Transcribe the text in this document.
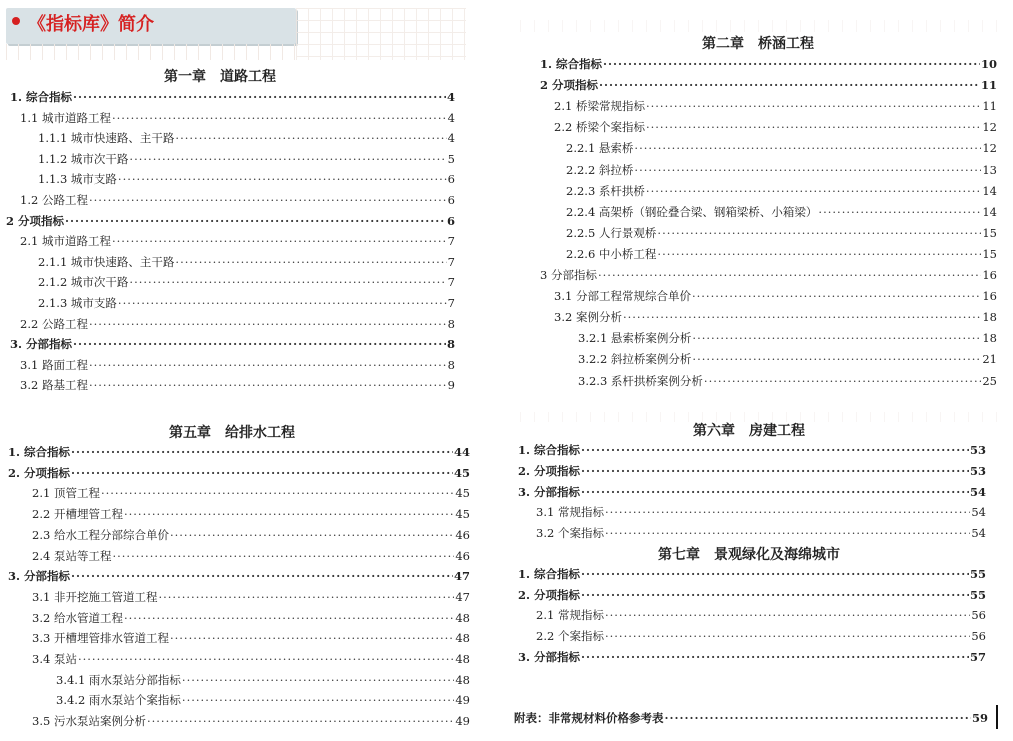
《指标库》简介
第一章　道路工程
1. 综合指标 ·····	4
1.1 城市道路工程 ·····	4
1.1.1 城市快速路、主干路 ·····	4
1.1.2 城市次干路 ·····	5
1.1.3 城市支路 ·····	6
1.2 公路工程 ·····	6
2 分项指标 ·····	6
2.1 城市道路工程 ·····	7
2.1.1 城市快速路、主干路 ·····	7
2.1.2 城市次干路 ·····	7
2.1.3 城市支路 ·····	7
2.2 公路工程 ·····	8
3. 分部指标 ·····	8
3.1 路面工程 ·····	8
3.2 路基工程 ·····	9
第二章　桥涵工程
1. 综合指标 ·····	10
2 分项指标 ·····	11
2.1 桥梁常规指标 ·····	11
2.2 桥梁个案指标 ·····	12
2.2.1 悬索桥 ·····	12
2.2.2 斜拉桥 ·····	13
2.2.3 系杆拱桥 ·····	14
2.2.4 高架桥（钢砼叠合梁、钢箱梁桥、小箱梁） ·····	14
2.2.5 人行景观桥 ·····	15
2.2.6 中小桥工程 ·····	15
3 分部指标 ·····	16
3.1 分部工程常规综合单价 ·····	16
3.2 案例分析 ·····	18
3.2.1 悬索桥案例分析 ·····	18
3.2.2 斜拉桥案例分析 ·····	21
3.2.3 系杆拱桥案例分析 ·····	25
第五章　给排水工程
1. 综合指标 ·····	44
2. 分项指标 ·····	45
2.1 顶管工程 ·····	45
2.2 开槽埋管工程 ·····	45
2.3 给水工程分部综合单价 ·····	46
2.4 泵站等工程 ·····	46
3. 分部指标 ·····	47
3.1 非开挖施工管道工程 ·····	47
3.2 给水管道工程 ·····	48
3.3 开槽埋管排水管道工程 ·····	48
3.4 泵站 ·····	48
3.4.1 雨水泵站分部指标 ·····	48
3.4.2 雨水泵站个案指标 ·····	49
3.5 污水泵站案例分析 ·····	49
第六章　房建工程
1. 综合指标 ·····	53
2. 分项指标 ·····	53
3. 分部指标 ·····	54
3.1 常规指标 ·····	54
3.2 个案指标 ·····	54
第七章　景观绿化及海绵城市
1. 综合指标 ·····	55
2. 分项指标 ·····	55
2.1 常规指标 ·····	56
2.2 个案指标 ·····	56
3. 分部指标 ·····	57
附表：非常规材料价格参考表 ·····	59
